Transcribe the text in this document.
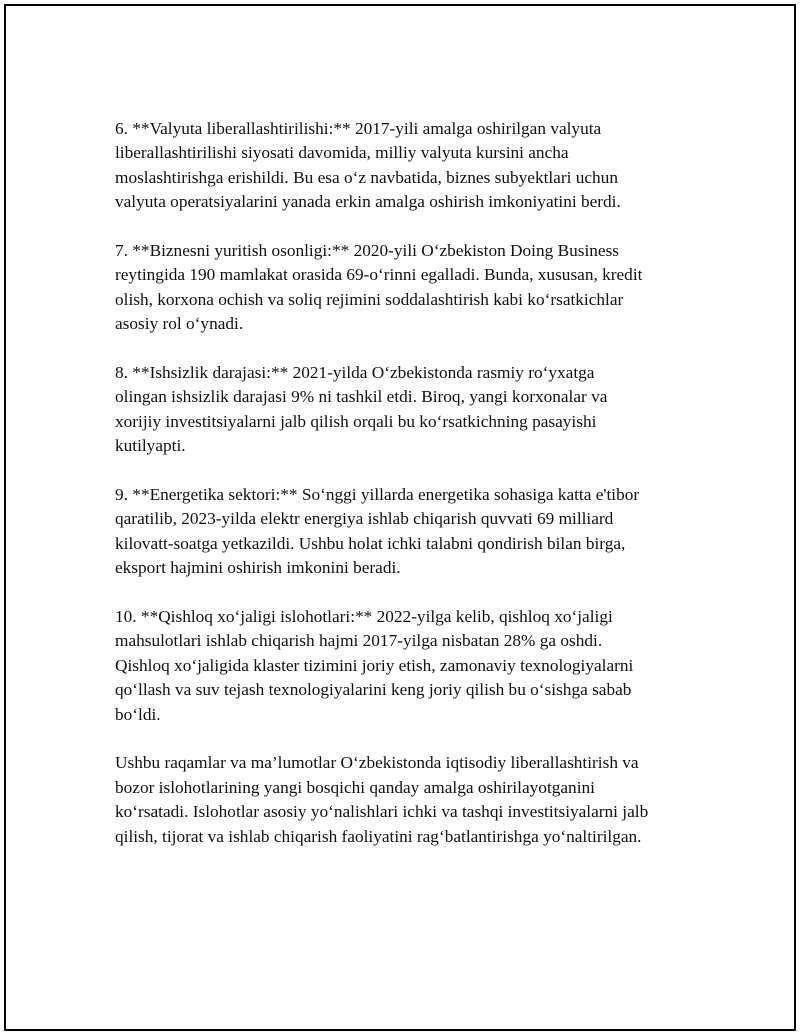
6. **Valyuta liberallashtirilishi:** 2017-yili amalga oshirilgan valyuta
liberallashtirilishi siyosati davomida, milliy valyuta kursini ancha
moslashtirishga erishildi. Bu esa o‘z navbatida, biznes subyektlari uchun
valyuta operatsiyalarini yanada erkin amalga oshirish imkoniyatini berdi.

7. **Biznesni yuritish osonligi:** 2020-yili O‘zbekiston Doing Business
reytingida 190 mamlakat orasida 69-o‘rinni egalladi. Bunda, xususan, kredit
olish, korxona ochish va soliq rejimini soddalashtirish kabi ko‘rsatkichlar
asosiy rol o‘ynadi.

8. **Ishsizlik darajasi:** 2021-yilda O‘zbekistonda rasmiy ro‘yxatga
olingan ishsizlik darajasi 9% ni tashkil etdi. Biroq, yangi korxonalar va
xorijiy investitsiyalarni jalb qilish orqali bu ko‘rsatkichning pasayishi
kutilyapti.

9. **Energetika sektori:** So‘nggi yillarda energetika sohasiga katta e'tibor
qaratilib, 2023-yilda elektr energiya ishlab chiqarish quvvati 69 milliard
kilovatt-soatga yetkazildi. Ushbu holat ichki talabni qondirish bilan birga,
eksport hajmini oshirish imkonini beradi.

10. **Qishloq xo‘jaligi islohotlari:** 2022-yilga kelib, qishloq xo‘jaligi
mahsulotlari ishlab chiqarish hajmi 2017-yilga nisbatan 28% ga oshdi.
Qishloq xo‘jaligida klaster tizimini joriy etish, zamonaviy texnologiyalarni
qo‘llash va suv tejash texnologiyalarini keng joriy qilish bu o‘sishga sabab
bo‘ldi.

Ushbu raqamlar va ma’lumotlar O‘zbekistonda iqtisodiy liberallashtirish va
bozor islohotlarining yangi bosqichi qanday amalga oshirilayotganini
ko‘rsatadi. Islohotlar asosiy yo‘nalishlari ichki va tashqi investitsiyalarni jalb
qilish, tijorat va ishlab chiqarish faoliyatini rag‘batlantirishga yo‘naltirilgan.
